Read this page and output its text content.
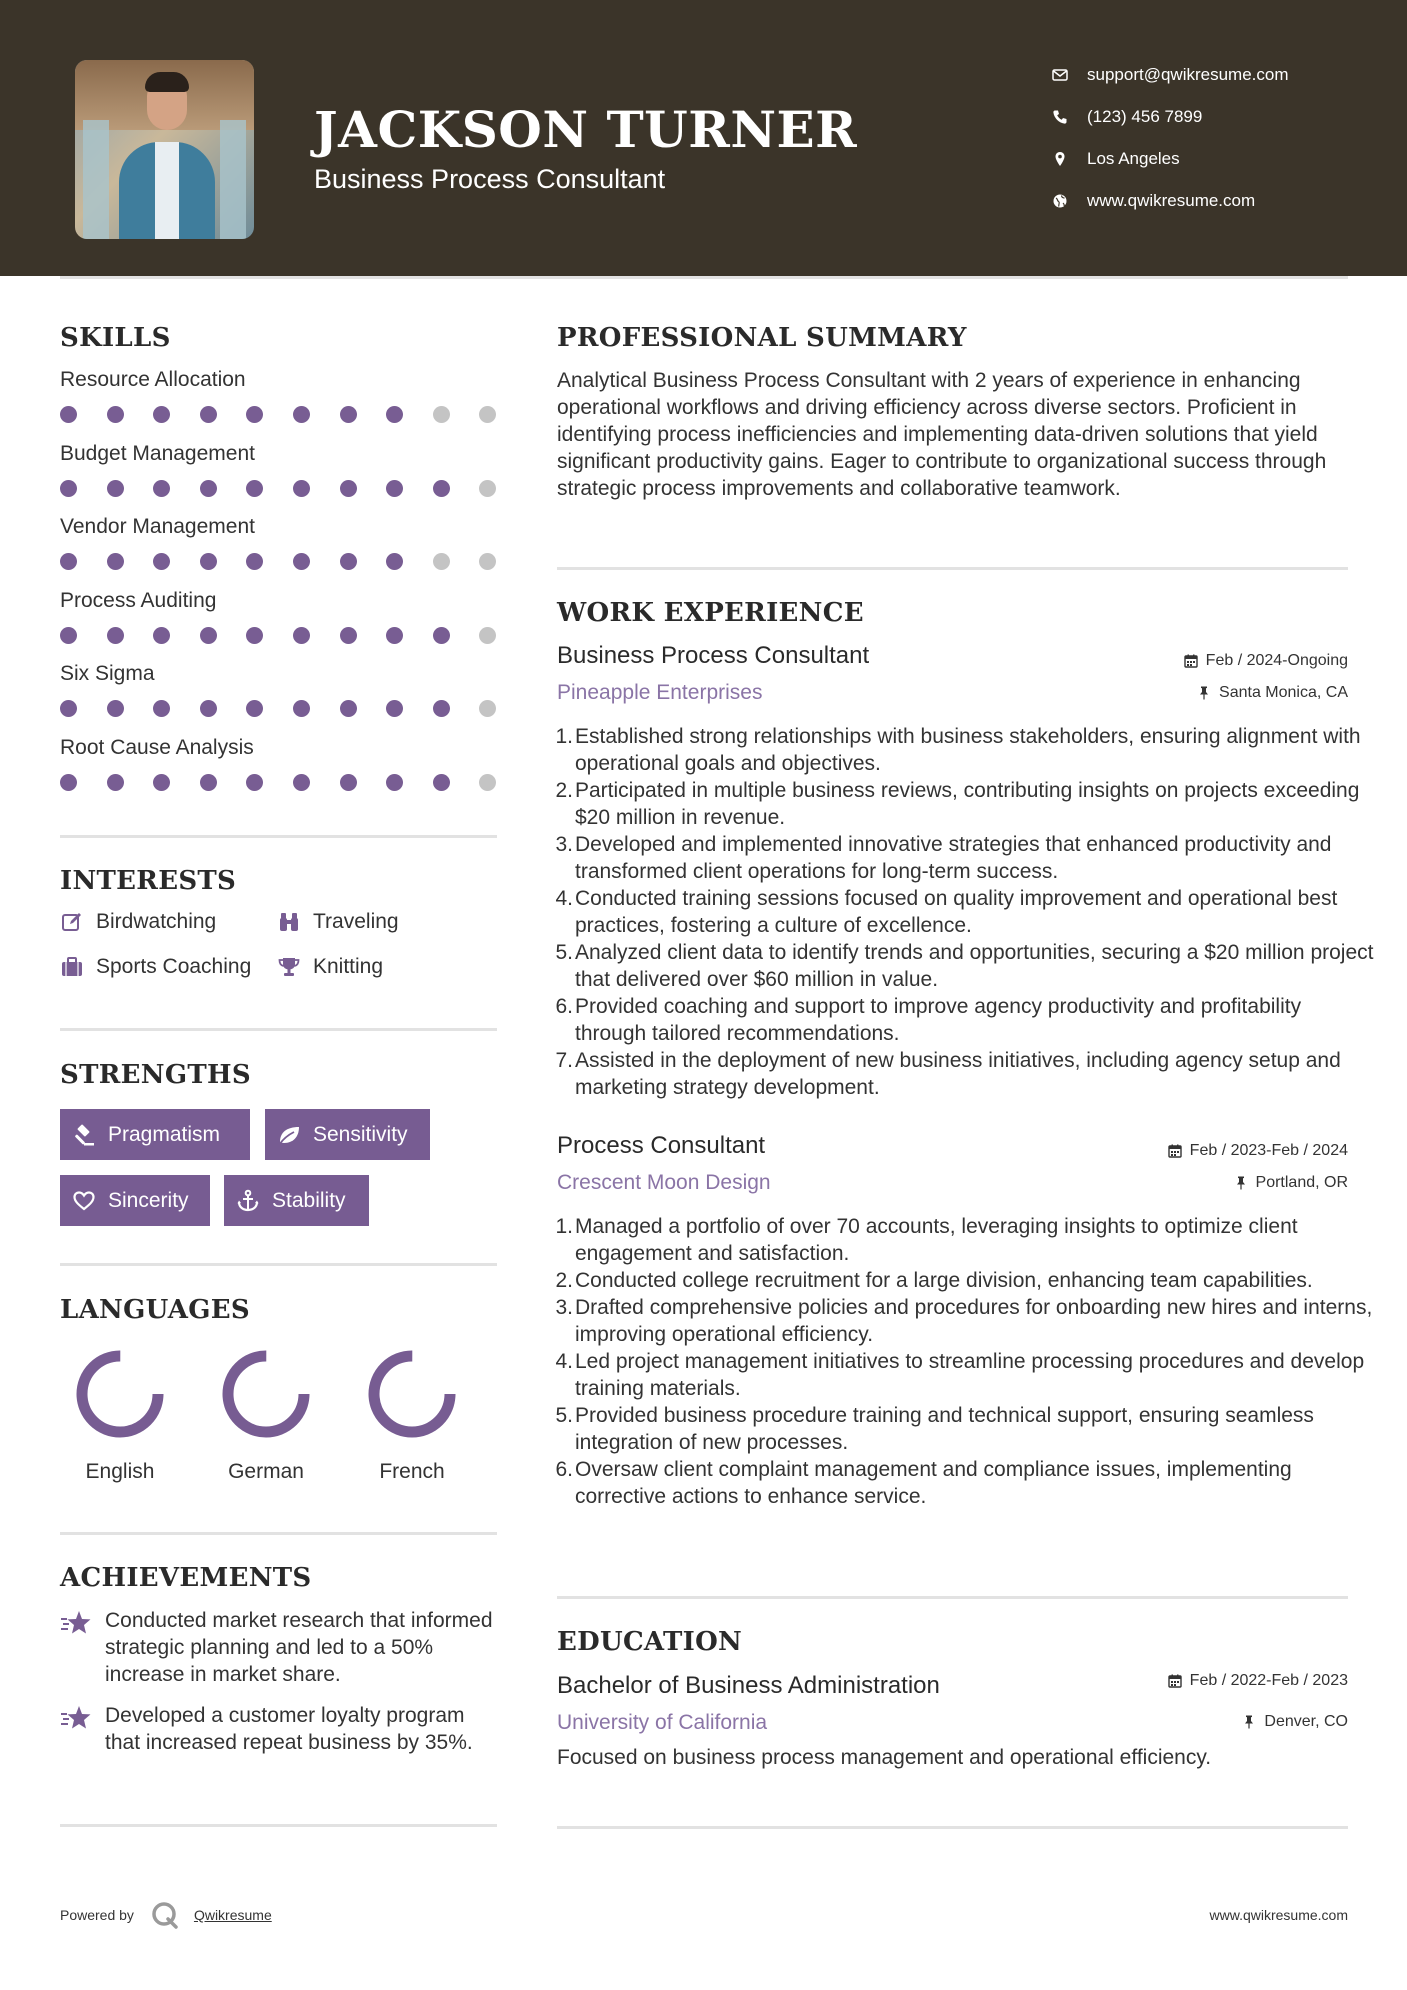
JACKSON TURNER
Business Process Consultant
support@qwikresume.com
(123) 456 7899
Los Angeles
www.qwikresume.com
SKILLS
Resource Allocation
Budget Management
Vendor Management
Process Auditing
Six Sigma
Root Cause Analysis
INTERESTS
Birdwatching	Traveling
Sports Coaching	Knitting
STRENGTHS
Pragmatism	Sensitivity
Sincerity	Stability
LANGUAGES
English	German	French
ACHIEVEMENTS
Conducted market research that informed strategic planning and led to a 50% increase in market share.
Developed a customer loyalty program that increased repeat business by 35%.
PROFESSIONAL SUMMARY
Analytical Business Process Consultant with 2 years of experience in enhancing operational workflows and driving efficiency across diverse sectors. Proficient in identifying process inefficiencies and implementing data-driven solutions that yield significant productivity gains. Eager to contribute to organizational success through strategic process improvements and collaborative teamwork.
WORK EXPERIENCE
Business Process Consultant	Feb / 2024-Ongoing
Pineapple Enterprises	Santa Monica, CA
Established strong relationships with business stakeholders, ensuring alignment with operational goals and objectives.
Participated in multiple business reviews, contributing insights on projects exceeding $20 million in revenue.
Developed and implemented innovative strategies that enhanced productivity and transformed client operations for long-term success.
Conducted training sessions focused on quality improvement and operational best practices, fostering a culture of excellence.
Analyzed client data to identify trends and opportunities, securing a $20 million project that delivered over $60 million in value.
Provided coaching and support to improve agency productivity and profitability through tailored recommendations.
Assisted in the deployment of new business initiatives, including agency setup and marketing strategy development.
Process Consultant	Feb / 2023-Feb / 2024
Crescent Moon Design	Portland, OR
Managed a portfolio of over 70 accounts, leveraging insights to optimize client engagement and satisfaction.
Conducted college recruitment for a large division, enhancing team capabilities.
Drafted comprehensive policies and procedures for onboarding new hires and interns, improving operational efficiency.
Led project management initiatives to streamline processing procedures and develop training materials.
Provided business procedure training and technical support, ensuring seamless integration of new processes.
Oversaw client complaint management and compliance issues, implementing corrective actions to enhance service.
EDUCATION
Bachelor of Business Administration	Feb / 2022-Feb / 2023
University of California	Denver, CO
Focused on business process management and operational efficiency.
Powered by	Qwikresume	www.qwikresume.com
